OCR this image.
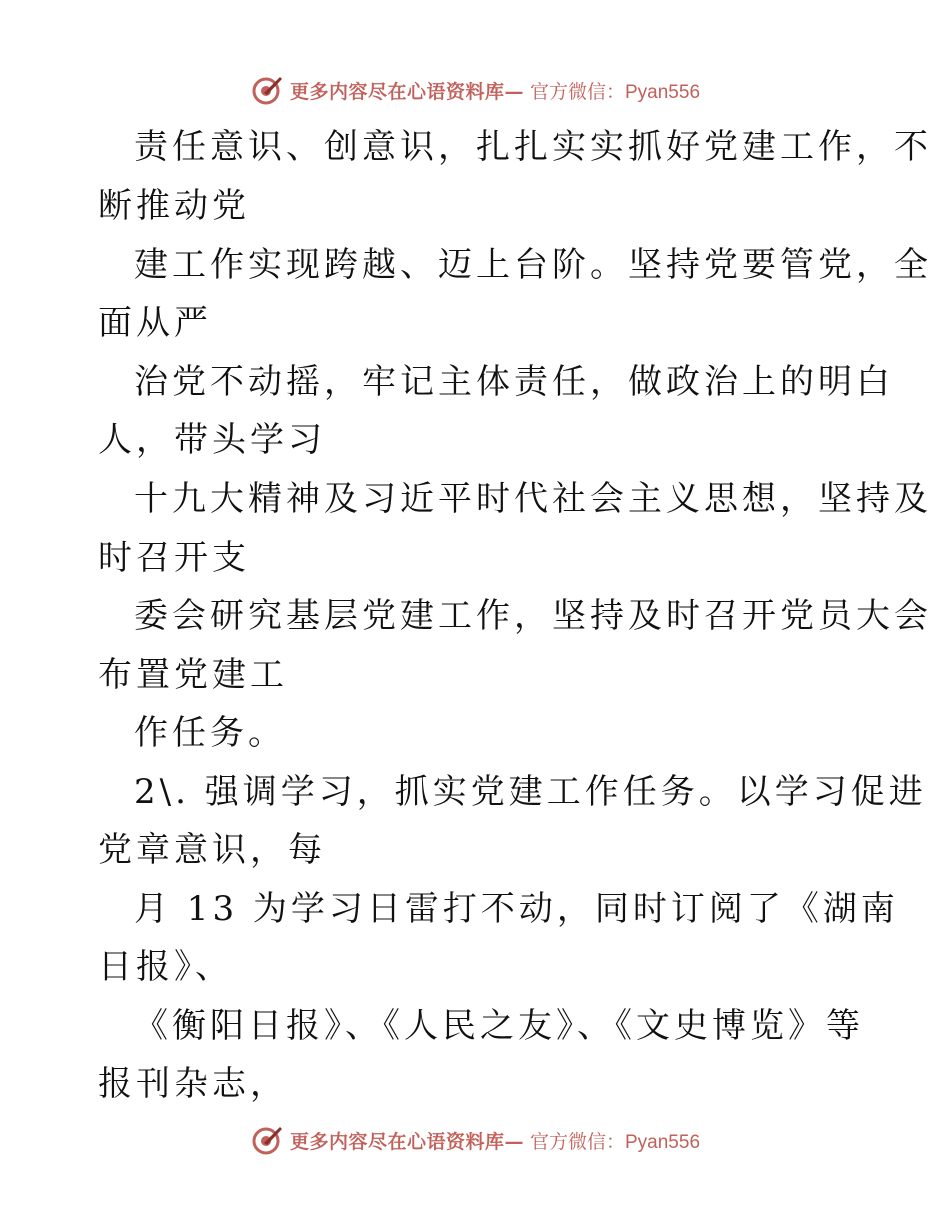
更多内容尽在心语资料库— 官方微信：Pyan556
责任意识、创意识，扎扎实实抓好党建工作，不
断推动党
建工作实现跨越、迈上台阶。坚持党要管党，全
面从严
治党不动摇，牢记主体责任，做政治上的明白
人，带头学习
十九大精神及习近平时代社会主义思想，坚持及
时召开支
委会研究基层党建工作，坚持及时召开党员大会
布置党建工
作任务。
2\. 强调学习，抓实党建工作任务。以学习促进
党章意识，每
月 13 为学习日雷打不动，同时订阅了《湖南
日报》、
《衡阳日报》、《人民之友》、《文史博览》等
报刊杂志，
更多内容尽在心语资料库— 官方微信：Pyan556
